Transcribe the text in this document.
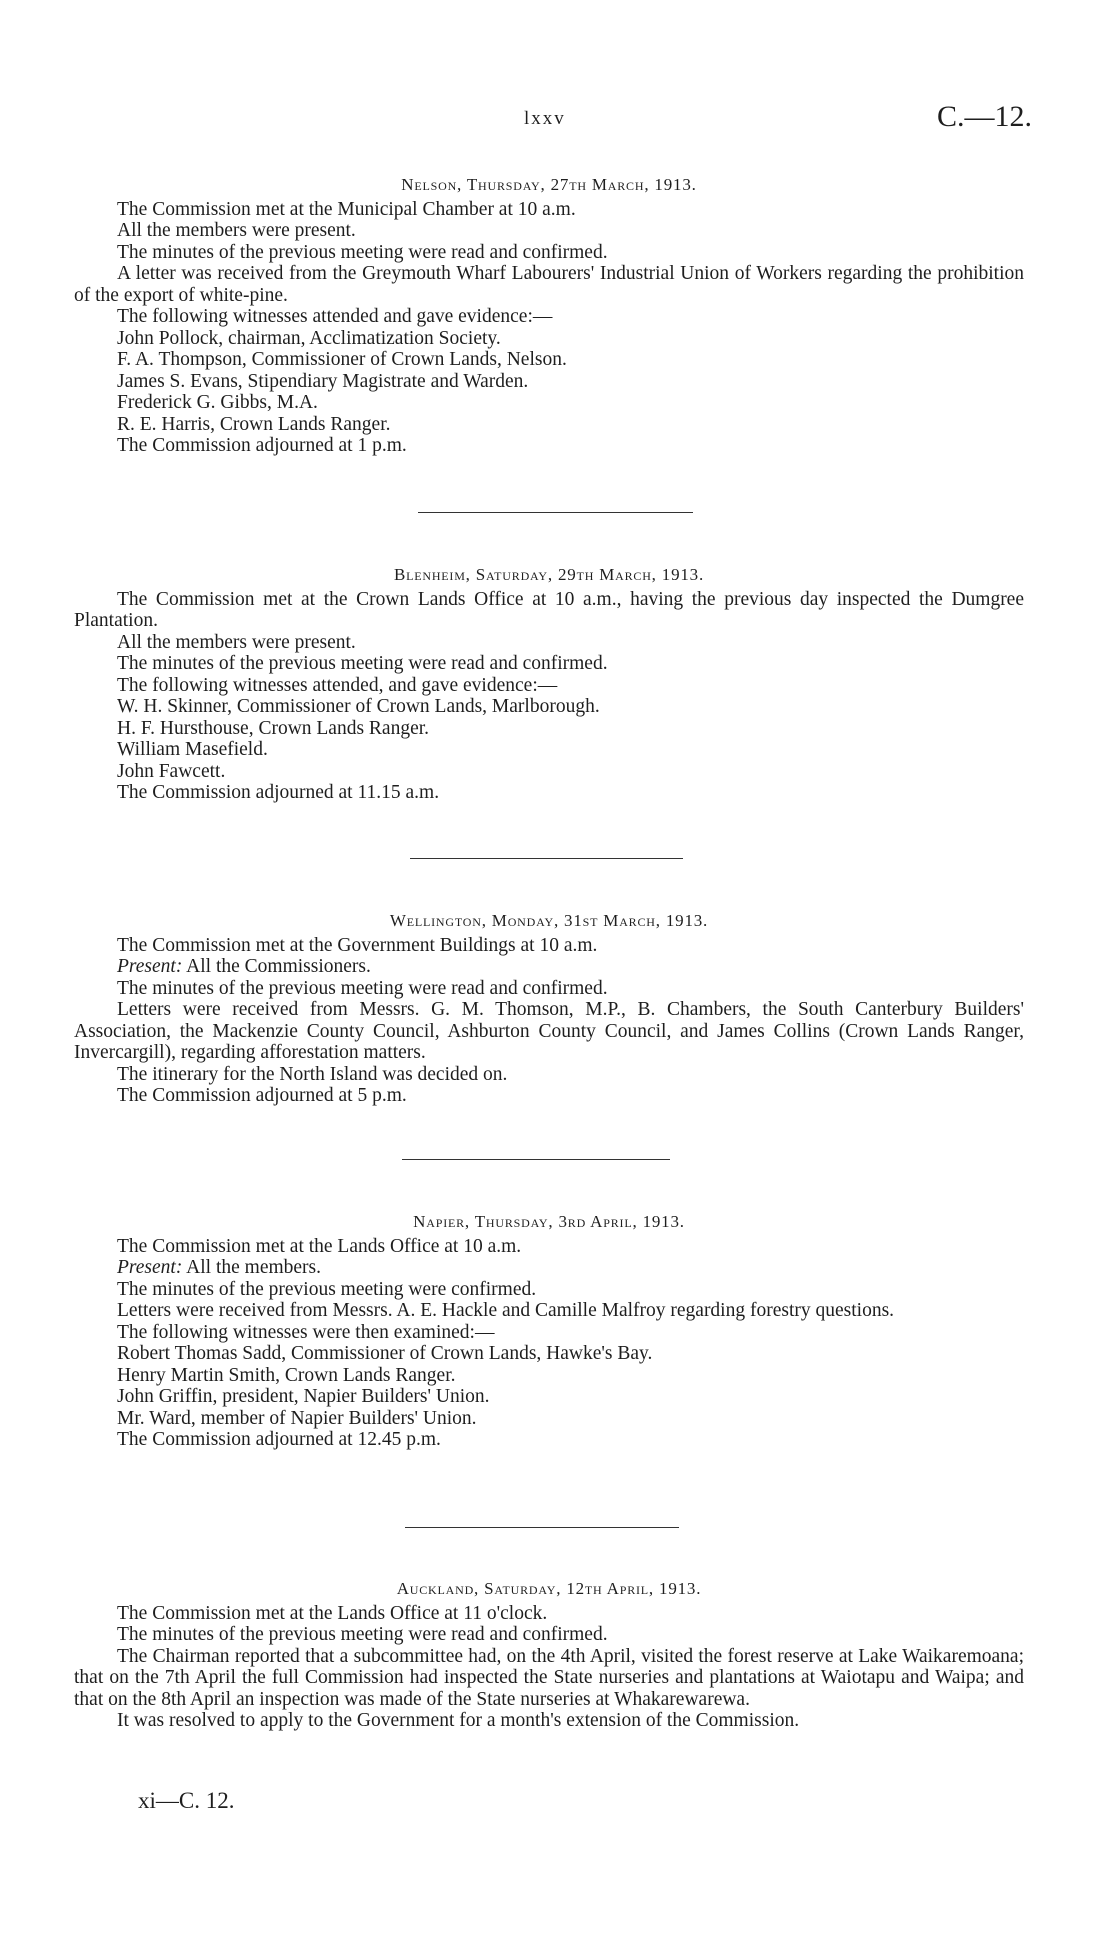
lxxv	C.—12.
Nelson, Thursday, 27th March, 1913.
The Commission met at the Municipal Chamber at 10 a.m.
All the members were present.
The minutes of the previous meeting were read and confirmed.
A letter was received from the Greymouth Wharf Labourers' Industrial Union of Workers regarding the prohibition of the export of white-pine.
The following witnesses attended and gave evidence:—
John Pollock, chairman, Acclimatization Society.
F. A. Thompson, Commissioner of Crown Lands, Nelson.
James S. Evans, Stipendiary Magistrate and Warden.
Frederick G. Gibbs, M.A.
R. E. Harris, Crown Lands Ranger.
The Commission adjourned at 1 p.m.
Blenheim, Saturday, 29th March, 1913.
The Commission met at the Crown Lands Office at 10 a.m., having the previous day inspected the Dumgree Plantation.
All the members were present.
The minutes of the previous meeting were read and confirmed.
The following witnesses attended, and gave evidence:—
W. H. Skinner, Commissioner of Crown Lands, Marlborough.
H. F. Hursthouse, Crown Lands Ranger.
William Masefield.
John Fawcett.
The Commission adjourned at 11.15 a.m.
Wellington, Monday, 31st March, 1913.
The Commission met at the Government Buildings at 10 a.m.
Present: All the Commissioners.
The minutes of the previous meeting were read and confirmed.
Letters were received from Messrs. G. M. Thomson, M.P., B. Chambers, the South Canterbury Builders' Association, the Mackenzie County Council, Ashburton County Council, and James Collins (Crown Lands Ranger, Invercargill), regarding afforestation matters.
The itinerary for the North Island was decided on.
The Commission adjourned at 5 p.m.
Napier, Thursday, 3rd April, 1913.
The Commission met at the Lands Office at 10 a.m.
Present: All the members.
The minutes of the previous meeting were confirmed.
Letters were received from Messrs. A. E. Hackle and Camille Malfroy regarding forestry questions.
The following witnesses were then examined:—
Robert Thomas Sadd, Commissioner of Crown Lands, Hawke's Bay.
Henry Martin Smith, Crown Lands Ranger.
John Griffin, president, Napier Builders' Union.
Mr. Ward, member of Napier Builders' Union.
The Commission adjourned at 12.45 p.m.
Auckland, Saturday, 12th April, 1913.
The Commission met at the Lands Office at 11 o'clock.
The minutes of the previous meeting were read and confirmed.
The Chairman reported that a subcommittee had, on the 4th April, visited the forest reserve at Lake Waikaremoana; that on the 7th April the full Commission had inspected the State nurseries and plantations at Waiotapu and Waipa; and that on the 8th April an inspection was made of the State nurseries at Whakarewarewa.
It was resolved to apply to the Government for a month's extension of the Commission.
xi—C. 12.
